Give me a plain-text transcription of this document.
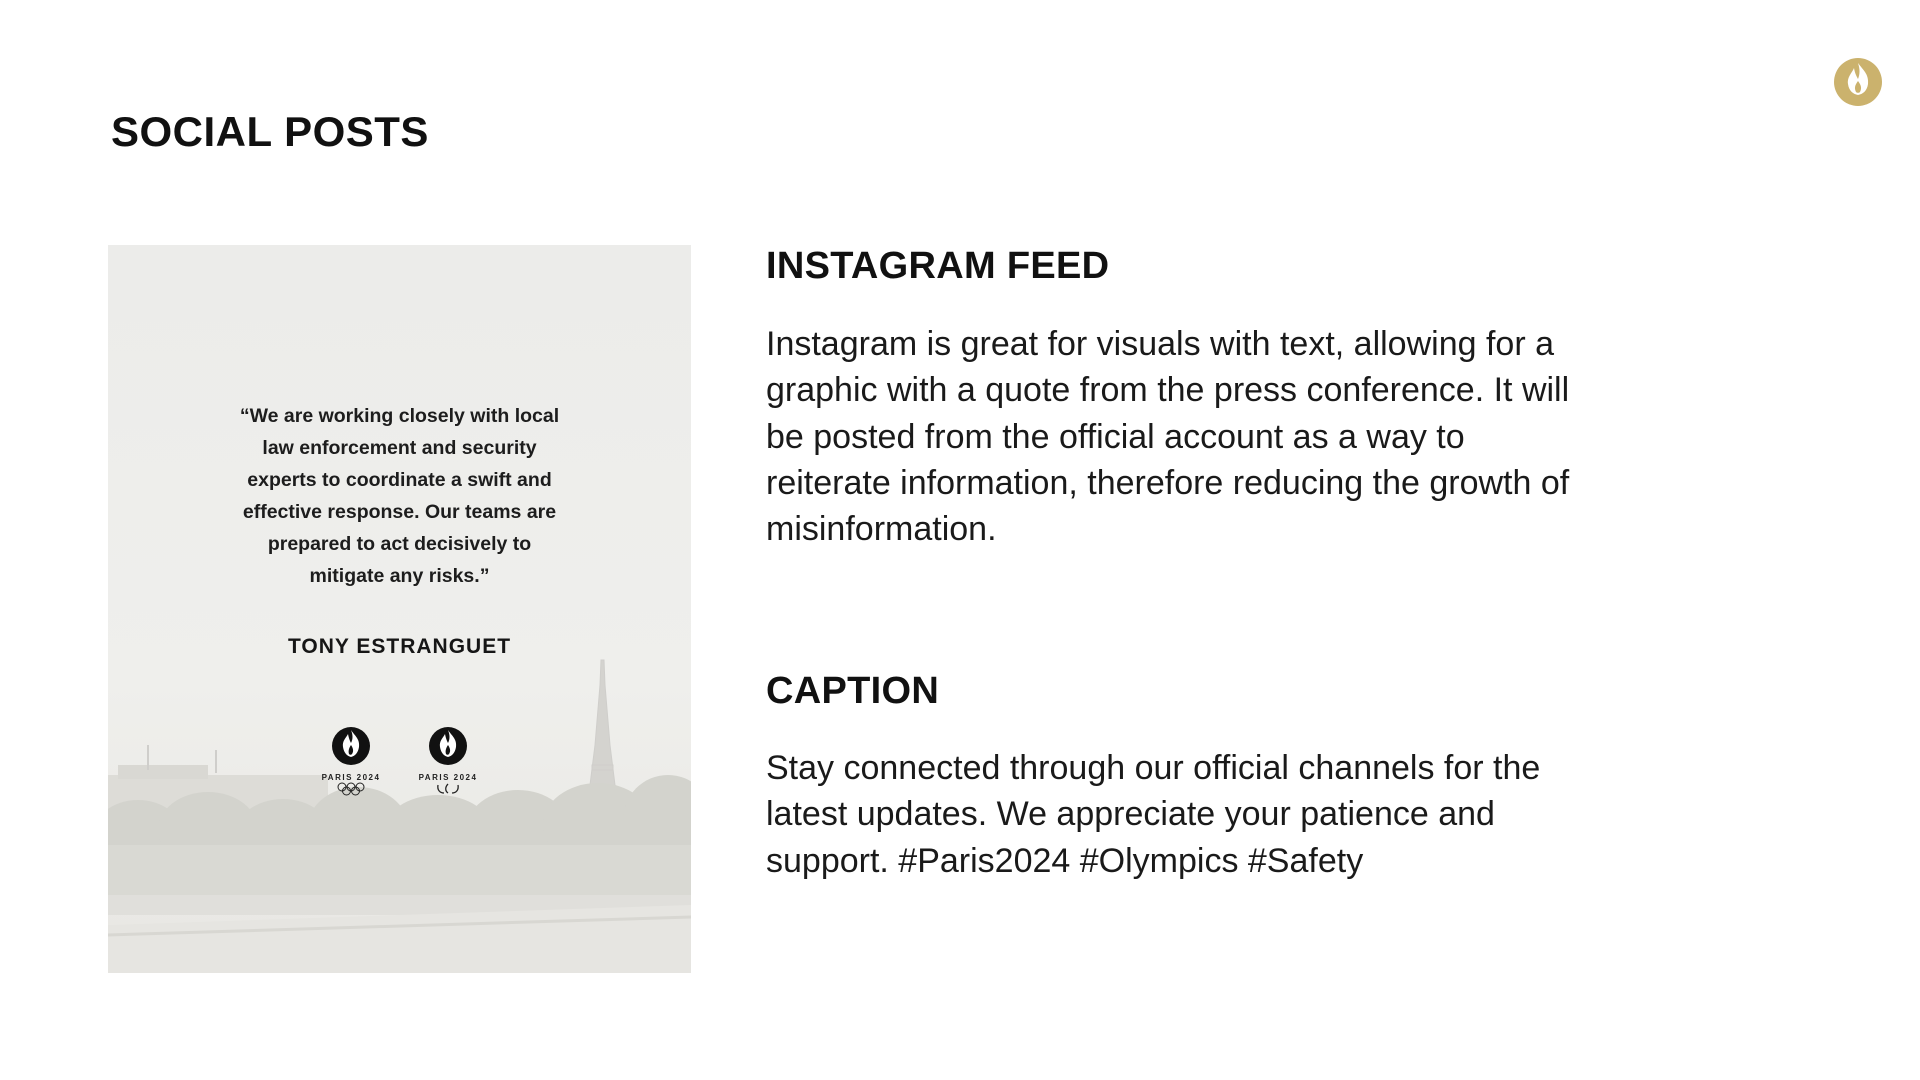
SOCIAL POSTS

“We are working closely with local law enforcement and security experts to coordinate a swift and effective response. Our teams are prepared to act decisively to mitigate any risks.”

TONY ESTRANGUET

PARIS 2024	PARIS 2024
INSTAGRAM FEED

Instagram is great for visuals with text, allowing for a graphic with a quote from the press conference. It will be posted from the official account as a way to reiterate information, therefore reducing the growth of misinformation.

CAPTION

Stay connected through our official channels for the latest updates. We appreciate your patience and support. #Paris2024 #Olympics #Safety
